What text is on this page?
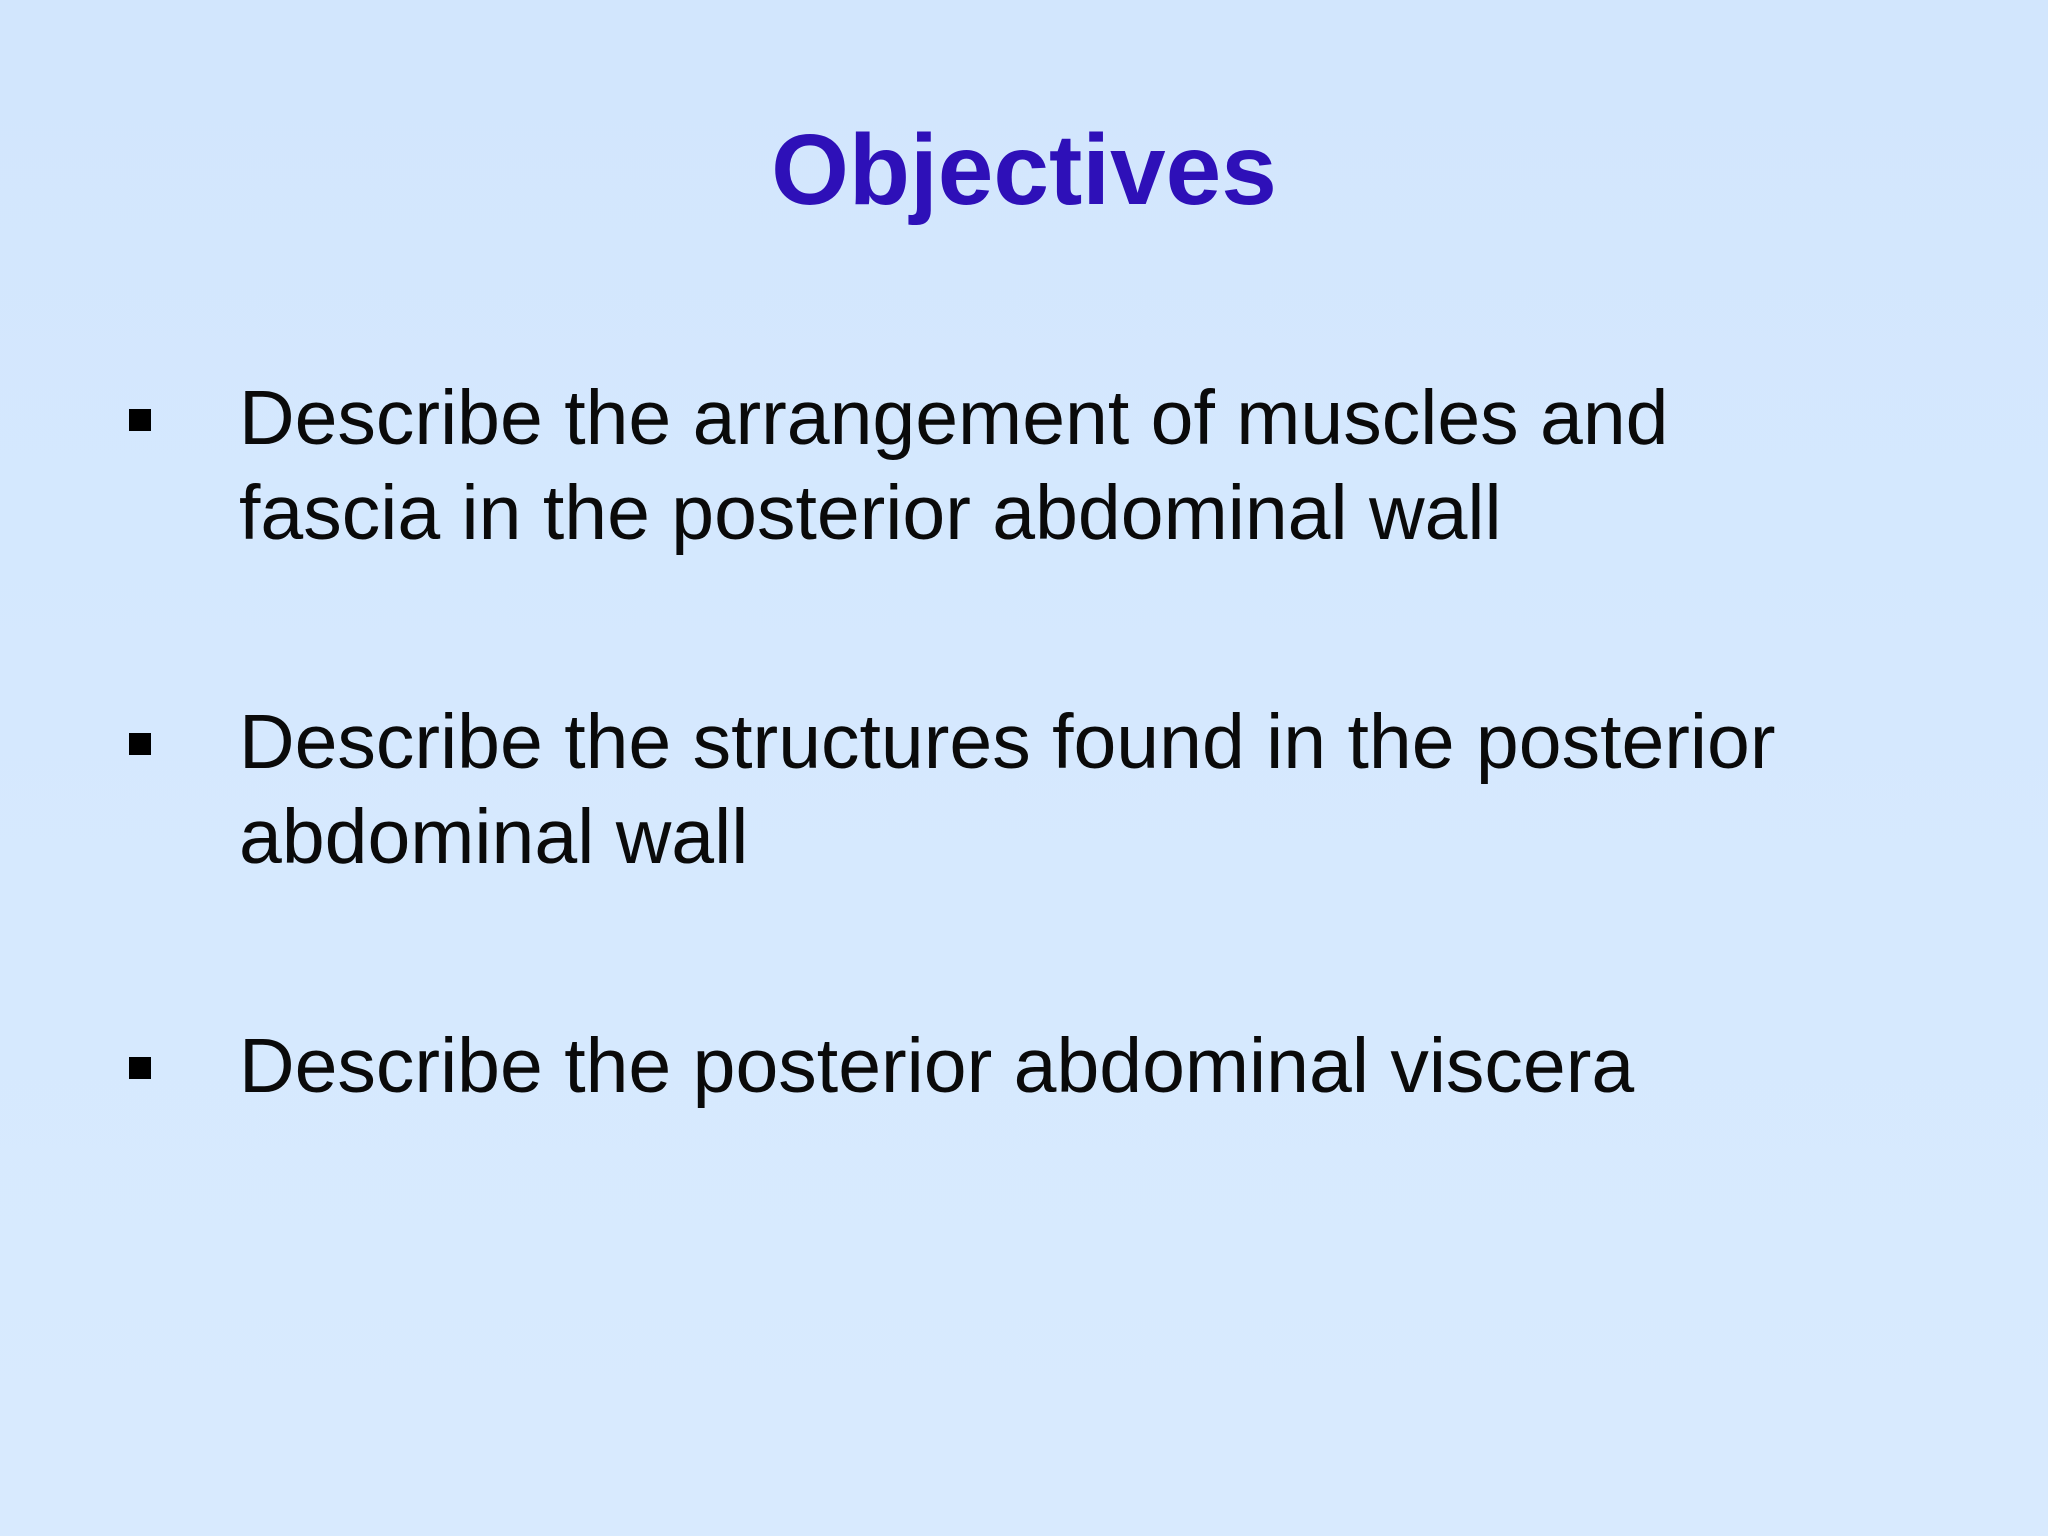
Objectives
Describe the arrangement of muscles and
fascia in the posterior abdominal wall
Describe the structures found in the posterior
abdominal wall
Describe the posterior abdominal viscera
